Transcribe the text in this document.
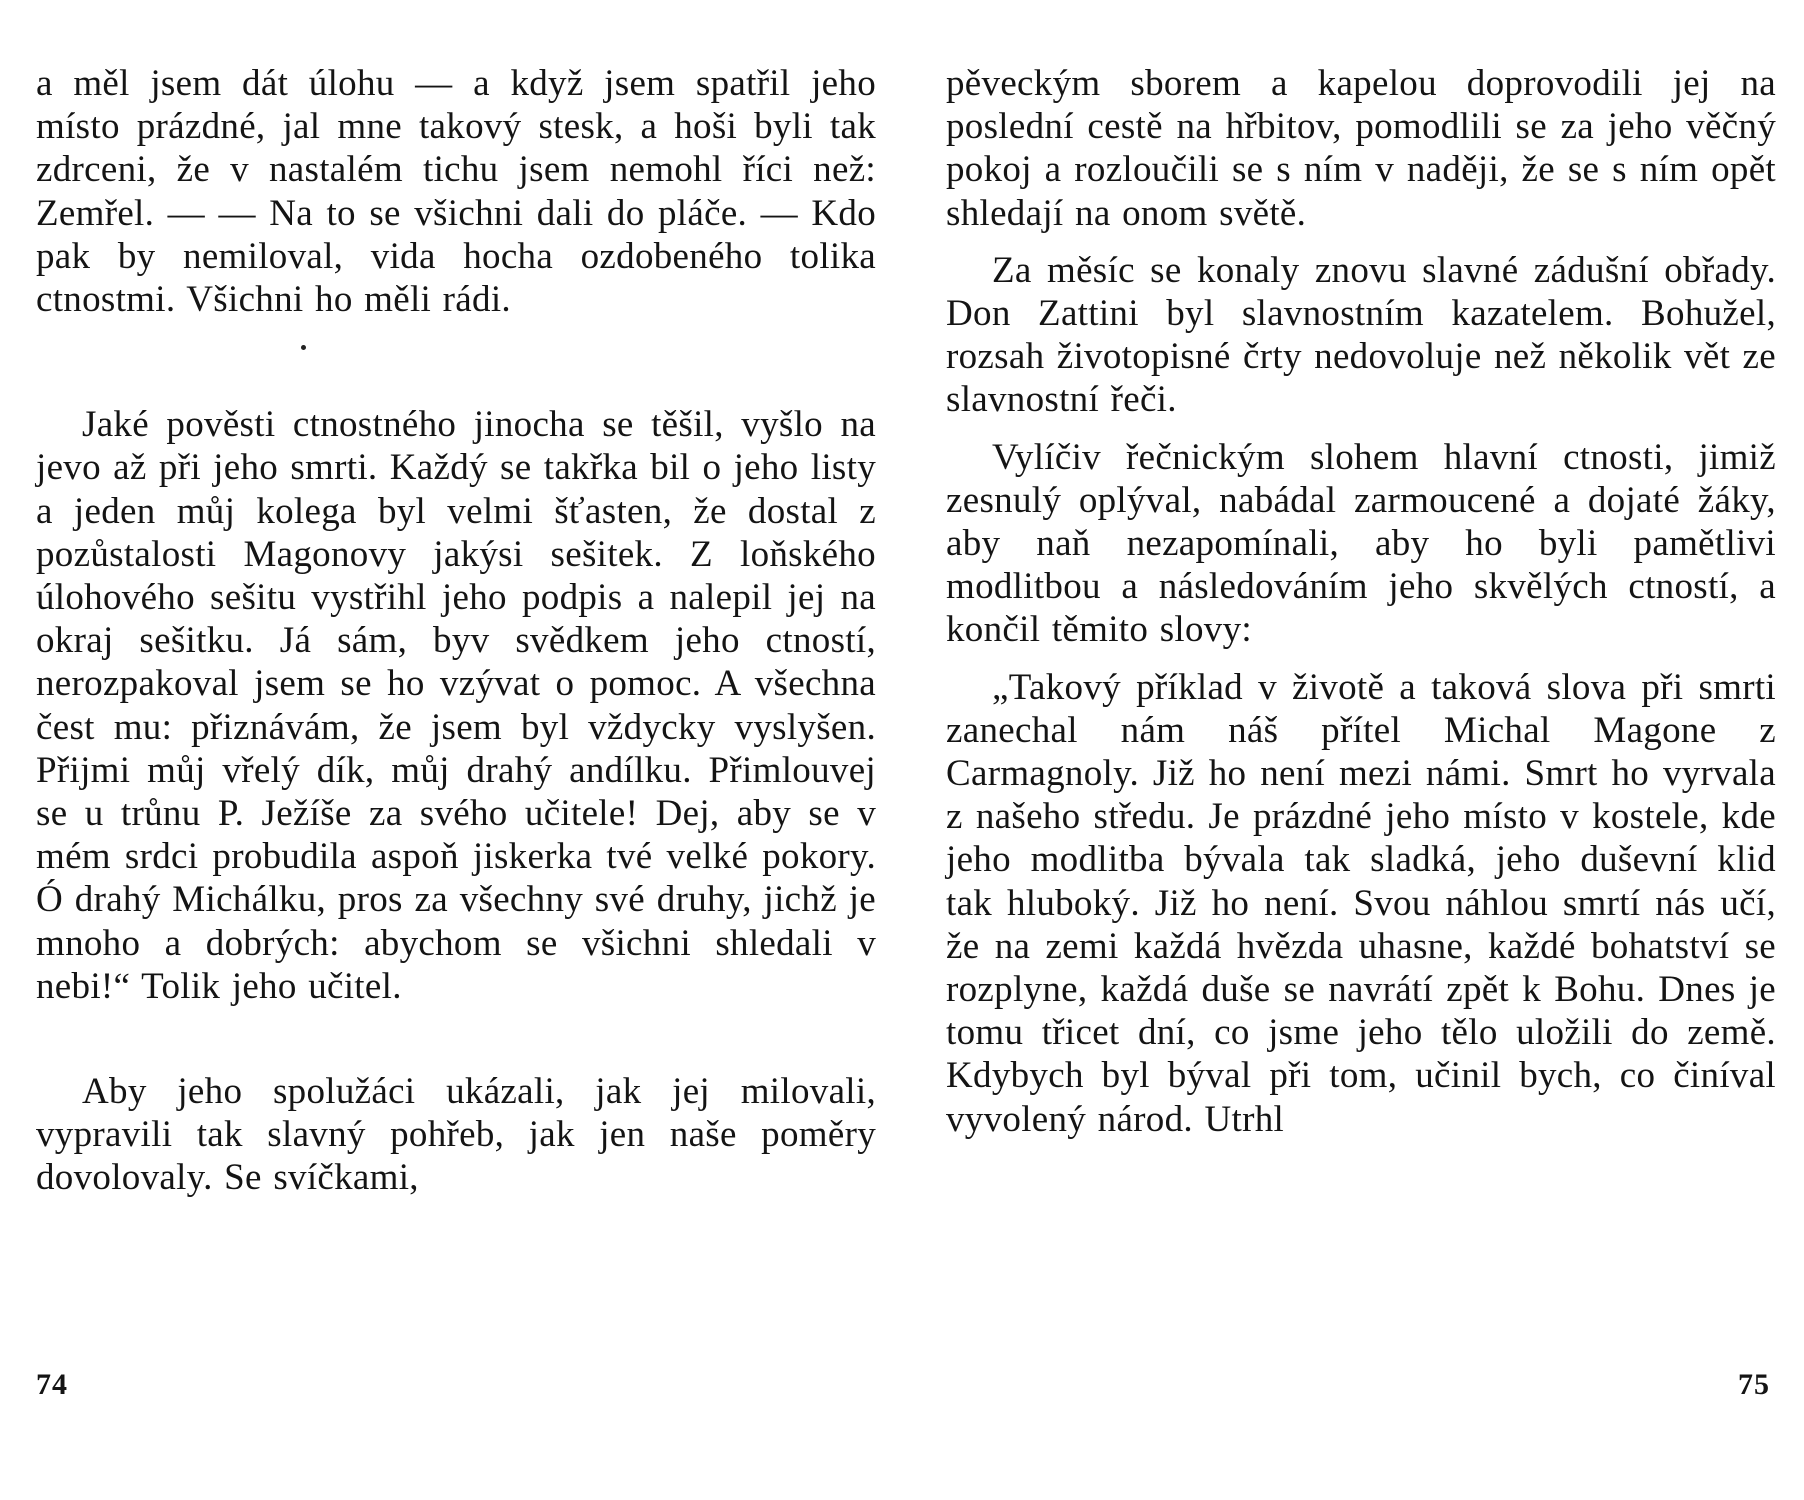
a měl jsem dát úlohu — a když jsem spatřil jeho místo prázdné, jal mne takový stesk, a hoši byli tak zdrceni, že v nastalém tichu jsem nemohl říci než: Zemřel. — — Na to se všichni dali do pláče. — Kdo pak by nemiloval, vida hocha ozdobeného tolika ctnostmi. Všichni ho měli rádi.

Jaké pověsti ctnostného jinocha se těšil, vyšlo na jevo až při jeho smrti. Každý se takřka bil o jeho listy a jeden můj kolega byl velmi šťasten, že dostal z pozůstalosti Magonovy jakýsi sešitek. Z loňského úlohového sešitu vystřihl jeho podpis a nalepil jej na okraj sešitku. Já sám, byv svědkem jeho ctností, nerozpakoval jsem se ho vzývat o pomoc. A všechna čest mu: přiznávám, že jsem byl vždycky vyslyšen. Přijmi můj vřelý dík, můj drahý andílku. Přimlouvej se u trůnu P. Ježíše za svého učitele! Dej, aby se v mém srdci probudila aspoň jiskerka tvé velké pokory. Ó drahý Michálku, pros za všechny své druhy, jichž je mnoho a dobrých: abychom se všichni shledali v nebi!“ Tolik jeho učitel.

Aby jeho spolužáci ukázali, jak jej milovali, vypravili tak slavný pohřeb, jak jen naše poměry dovolovaly. Se svíčkami,

pěveckým sborem a kapelou doprovodili jej na poslední cestě na hřbitov, pomodlili se za jeho věčný pokoj a rozloučili se s ním v naději, že se s ním opět shledají na onom světě.

Za měsíc se konaly znovu slavné zádušní obřady. Don Zattini byl slavnostním kazatelem. Bohužel, rozsah životopisné črty nedovoluje než několik vět ze slavnostní řeči.

Vylíčiv řečnickým slohem hlavní ctnosti, jimiž zesnulý oplýval, nabádal zarmoucené a dojaté žáky, aby naň nezapomínali, aby ho byli pamětlivi modlitbou a následováním jeho skvělých ctností, a končil těmito slovy:

„Takový příklad v životě a taková slova při smrti zanechal nám náš přítel Michal Magone z Carmagnoly. Již ho není mezi námi. Smrt ho vyrvala z našeho středu. Je prázdné jeho místo v kostele, kde jeho modlitba bývala tak sladká, jeho duševní klid tak hluboký. Již ho není. Svou náhlou smrtí nás učí, že na zemi každá hvězda uhasne, každé bohatství se rozplyne, každá duše se navrátí zpět k Bohu. Dnes je tomu třicet dní, co jsme jeho tělo uložili do země. Kdybych byl býval při tom, učinil bych, co činíval vyvolený národ. Utrhl

74	75
